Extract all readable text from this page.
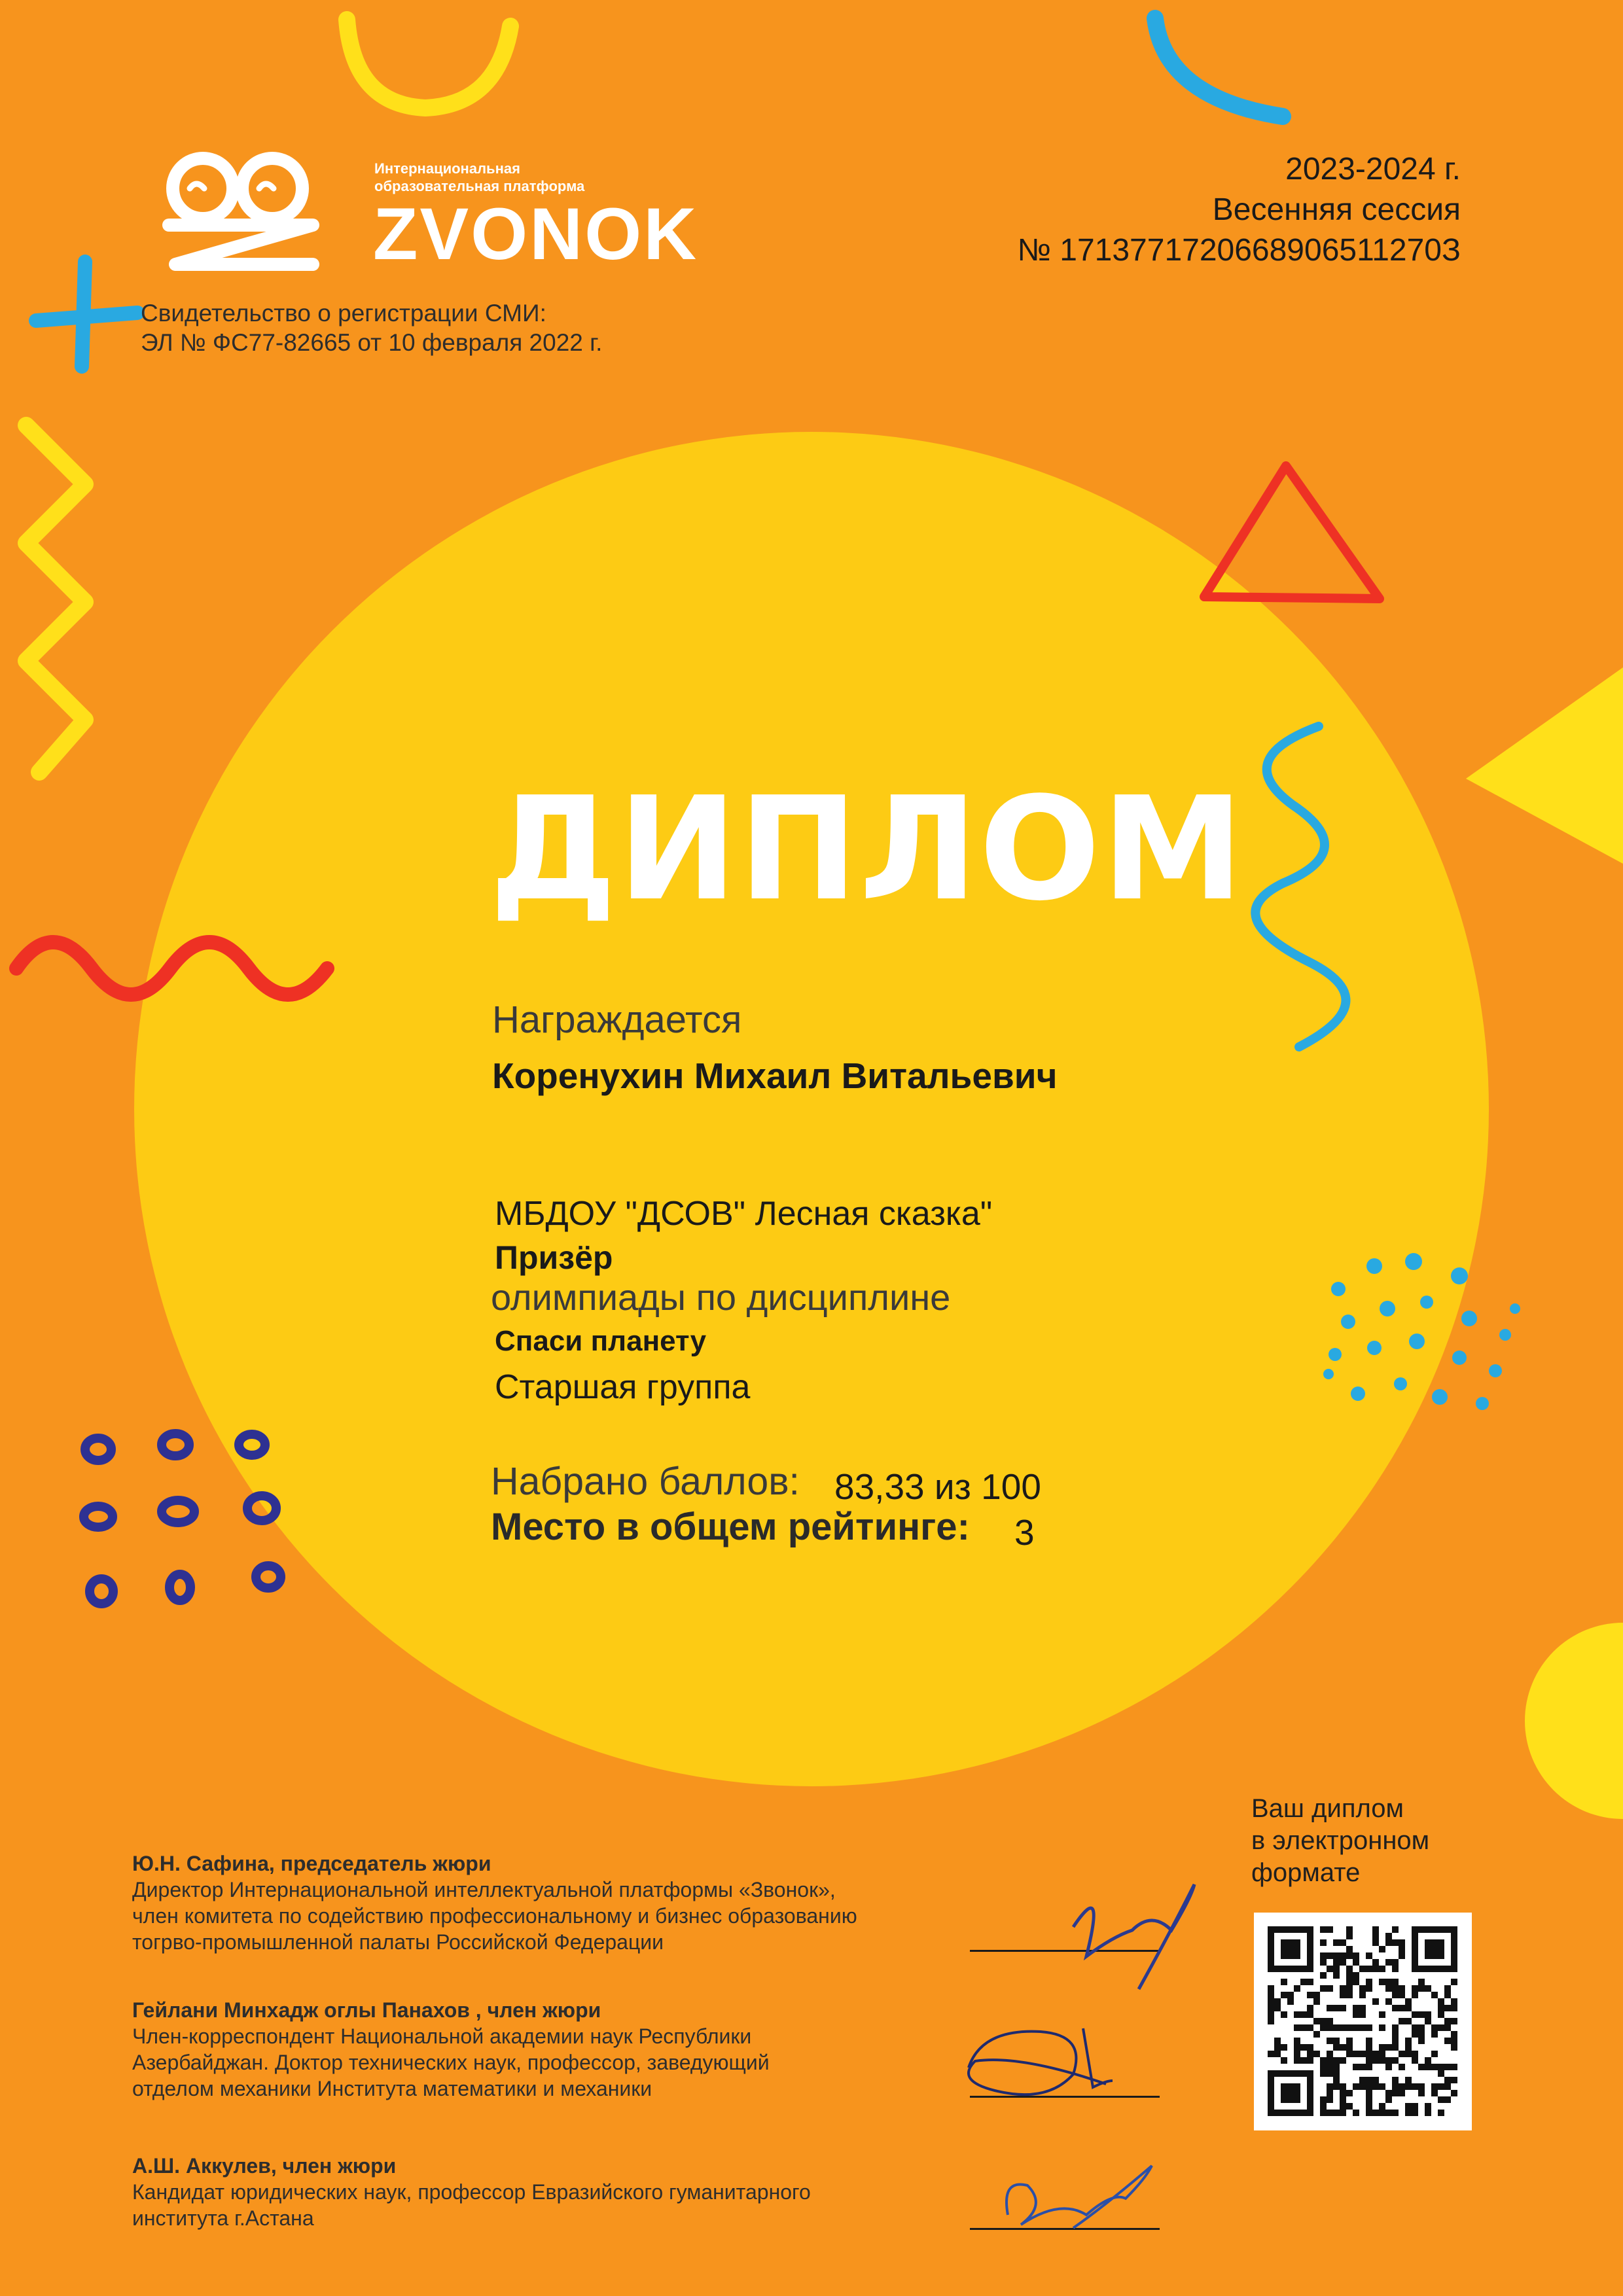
Интернациональная
образовательная платформа
ZVONOK
Свидетельство о регистрации СМИ:
ЭЛ № ФС77-82665 от 10 февраля 2022 г.
2023-2024 г.
Весенняя сессия
№ 1713771720668906511270З
ДИПЛОМ
Награждается
Коренухин Михаил Витальевич
МБДОУ "ДСОВ" Лесная сказка"
Призёр
олимпиады по дисциплине
Спаси планету
Старшая группа
Набрано баллов: 83,33 из 100
Место в общем рейтинге: 3
Ю.Н. Сафина, председатель жюри
Директор Интернациональной интеллектуальной платформы «Звонок»,
член комитета по содействию профессиональному и бизнес образованию
тогрво-промышленной палаты Российской Федерации
Гейлани Минхадж оглы Панахов , член жюри
Член-корреспондент Национальной академии наук Республики
Азербайджан. Доктор технических наук, профессор, заведующий
отделом механики Института математики и механики
А.Ш. Аккулев, член жюри
Кандидат юридических наук, профессор Евразийского гуманитарного
института г.Астана
Ваш диплом
в электронном
формате
